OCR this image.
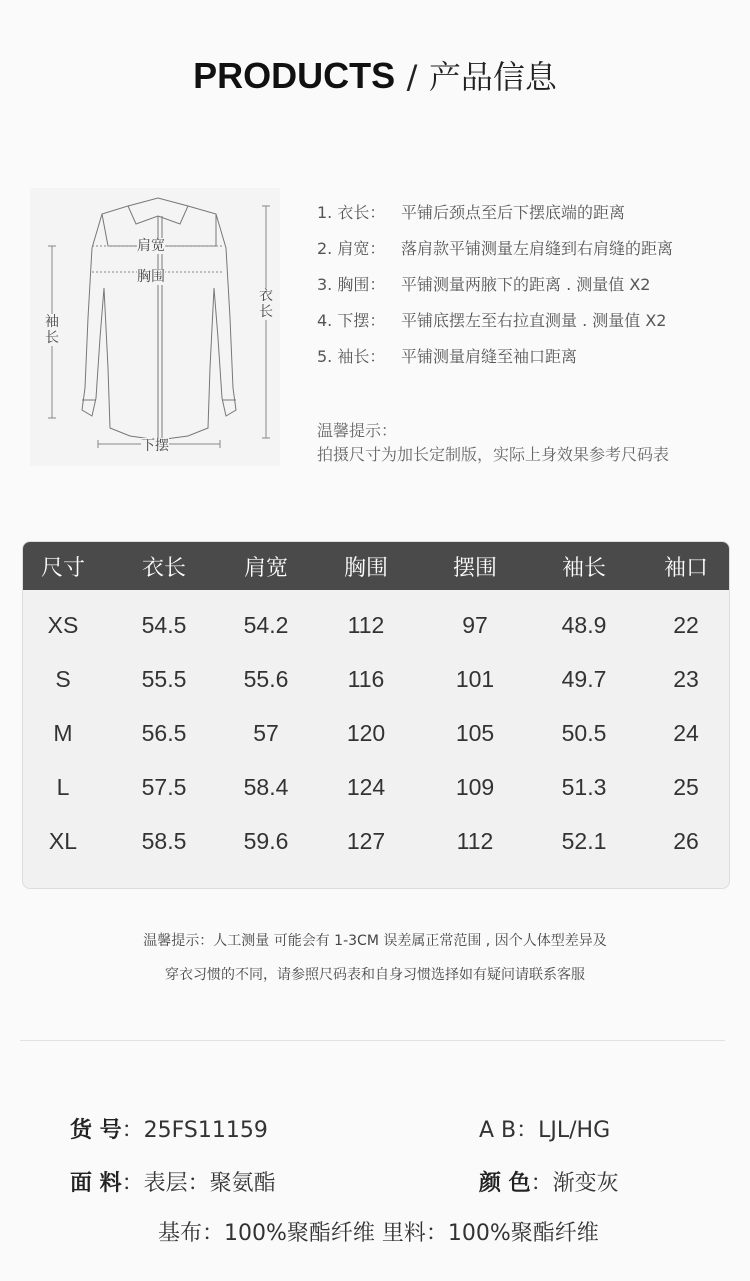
PRODUCTS / 产品信息
肩宽
胸围
衣长
袖长
下摆
1. 衣长： 平铺后颈点至后下摆底端的距离
2. 肩宽： 落肩款平铺测量左肩缝到右肩缝的距离
3. 胸围： 平铺测量两腋下的距离 . 测量值 X2
4. 下摆： 平铺底摆左至右拉直测量 . 测量值 X2
5. 袖长： 平铺测量肩缝至袖口距离
温馨提示：
拍摄尺寸为加长定制版，实际上身效果参考尺码表
尺寸	衣长	肩宽	胸围	摆围	袖长	袖口
XS	54.5	54.2	112	97	48.9	22
S	55.5	55.6	116	101	49.7	23
M	56.5	57	120	105	50.5	24
L	57.5	58.4	124	109	51.3	25
XL	58.5	59.6	127	112	52.1	26
温馨提示：人工测量 可能会有 1-3CM 误差属正常范围 , 因个人体型差异及
穿衣习惯的不同，请参照尺码表和自身习惯选择如有疑问请联系客服
货 号：25FS11159	A B：LJL/HG
面 料：表层：聚氨酯	颜 色：渐变灰
基布：100%聚酯纤维 里料：100%聚酯纤维
